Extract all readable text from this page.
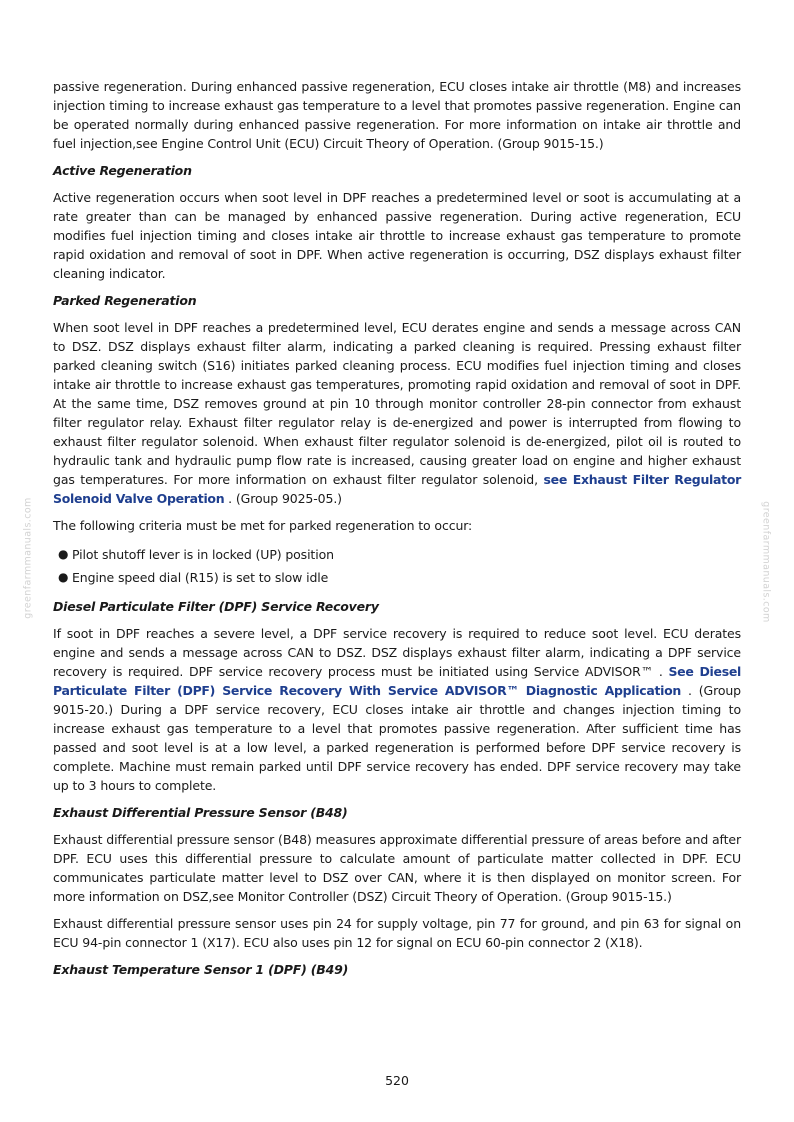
passive regeneration. During enhanced passive regeneration, ECU closes intake air throttle (M8) and increases injection timing to increase exhaust gas temperature to a level that promotes passive regeneration. Engine can be operated normally during enhanced passive regeneration. For more information on intake air throttle and fuel injection,see Engine Control Unit (ECU) Circuit Theory of Operation. (Group 9015-15.)

Active Regeneration

Active regeneration occurs when soot level in DPF reaches a predetermined level or soot is accumulating at a rate greater than can be managed by enhanced passive regeneration. During active regeneration, ECU modifies fuel injection timing and closes intake air throttle to increase exhaust gas temperature to promote rapid oxidation and removal of soot in DPF. When active regeneration is occurring, DSZ displays exhaust filter cleaning indicator.

Parked Regeneration

When soot level in DPF reaches a predetermined level, ECU derates engine and sends a message across CAN to DSZ. DSZ displays exhaust filter alarm, indicating a parked cleaning is required. Pressing exhaust filter parked cleaning switch (S16) initiates parked cleaning process. ECU modifies fuel injection timing and closes intake air throttle to increase exhaust gas temperatures, promoting rapid oxidation and removal of soot in DPF. At the same time, DSZ removes ground at pin 10 through monitor controller 28-pin connector from exhaust filter regulator relay. Exhaust filter regulator relay is de-energized and power is interrupted from flowing to exhaust filter regulator solenoid. When exhaust filter regulator solenoid is de-energized, pilot oil is routed to hydraulic tank and hydraulic pump flow rate is increased, causing greater load on engine and higher exhaust gas temperatures. For more information on exhaust filter regulator solenoid, see Exhaust Filter Regulator Solenoid Valve Operation . (Group 9025-05.)

The following criteria must be met for parked regeneration to occur:

● Pilot shutoff lever is in locked (UP) position
● Engine speed dial (R15) is set to slow idle
Diesel Particulate Filter (DPF) Service Recovery

If soot in DPF reaches a severe level, a DPF service recovery is required to reduce soot level. ECU derates engine and sends a message across CAN to DSZ. DSZ displays exhaust filter alarm, indicating a DPF service recovery is required. DPF service recovery process must be initiated using Service ADVISOR™ . See Diesel Particulate Filter (DPF) Service Recovery With Service ADVISOR™ Diagnostic Application . (Group 9015-20.) During a DPF service recovery, ECU closes intake air throttle and changes injection timing to increase exhaust gas temperature to a level that promotes passive regeneration. After sufficient time has passed and soot level is at a low level, a parked regeneration is performed before DPF service recovery is complete. Machine must remain parked until DPF service recovery has ended. DPF service recovery may take up to 3 hours to complete.

Exhaust Differential Pressure Sensor (B48)

Exhaust differential pressure sensor (B48) measures approximate differential pressure of areas before and after DPF. ECU uses this differential pressure to calculate amount of particulate matter collected in DPF. ECU communicates particulate matter level to DSZ over CAN, where it is then displayed on monitor screen. For more information on DSZ,see Monitor Controller (DSZ) Circuit Theory of Operation. (Group 9015-15.)

Exhaust differential pressure sensor uses pin 24 for supply voltage, pin 77 for ground, and pin 63 for signal on ECU 94-pin connector 1 (X17). ECU also uses pin 12 for signal on ECU 60-pin connector 2 (X18).

Exhaust Temperature Sensor 1 (DPF) (B49)
greenfarmmanuals.com	greenfarmmanuals.com
520
